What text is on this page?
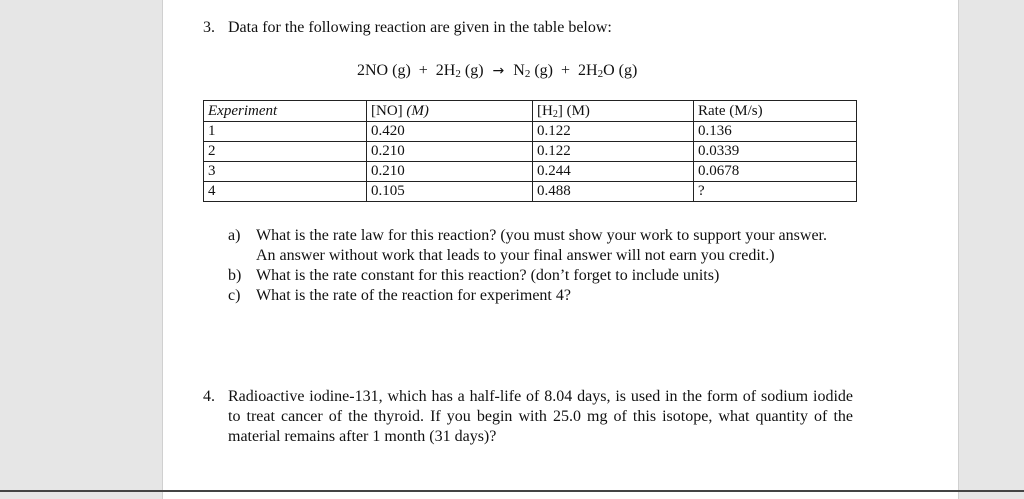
3. Data for the following reaction are given in the table below:
2NO $(g) + 2H_2$ $(g) \to N_2$ $(g) + 2H_2O$ (g)
Experiment	[NO] (M)	$[H_2]$ (M)	Rate (M/s)
1	0.420	0.122	0.136
2	0.210	0.122	0.0339
3	0.210	0.244	0.0678
4	0.105	0.488	?

a) What is the rate law for this reaction? (you must show your work to support your answer. An answer without work that leads to your final answer will not earn you credit.)

b) What is the rate constant for this reaction? (don’t forget to include units)

c) What is the rate of the reaction for experiment 4?

4. Radioactive iodine-131, which has a half-life of 8.04 days, is used in the form of sodium iodide to treat cancer of the thyroid. If you begin with 25.0 mg of this isotope, what quantity of the material remains after 1 month (31 days)?
